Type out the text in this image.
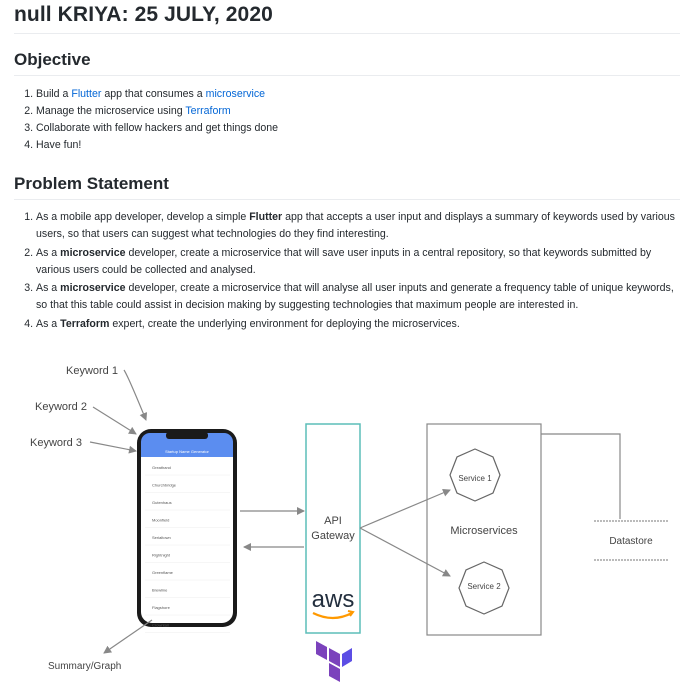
null KRIYA: 25 JULY, 2020
Objective
1. Build a Flutter app that consumes a microservice
2. Manage the microservice using Terraform
3. Collaborate with fellow hackers and get things done
4. Have fun!
Problem Statement
1. As a mobile app developer, develop a simple Flutter app that accepts a user input and displays a summary of keywords used by various users, so that users can suggest what technologies do they find interesting.
2. As a microservice developer, create a microservice that will save user inputs in a central repository, so that keywords submitted by various users could be collected and analysed.
3. As a microservice developer, create a microservice that will analyse all user inputs and generate a frequency table of unique keywords, so that this table could assist in decision making by suggesting technologies that maximum people are interested in.
4. As a Terraform expert, create the underlying environment for deploying the microservices.
Keyword 1
Keyword 2
Keyword 3
Startup Name Generator
Greathand
Churchbridge
Gutenhaus
Moonfield
Serialtown
Rightnight
Greenflame
Brewline
Flagshore
Crowntail
API
Gateway
aws
Service 1
Microservices
Service 2
Datastore
Summary/Graph
